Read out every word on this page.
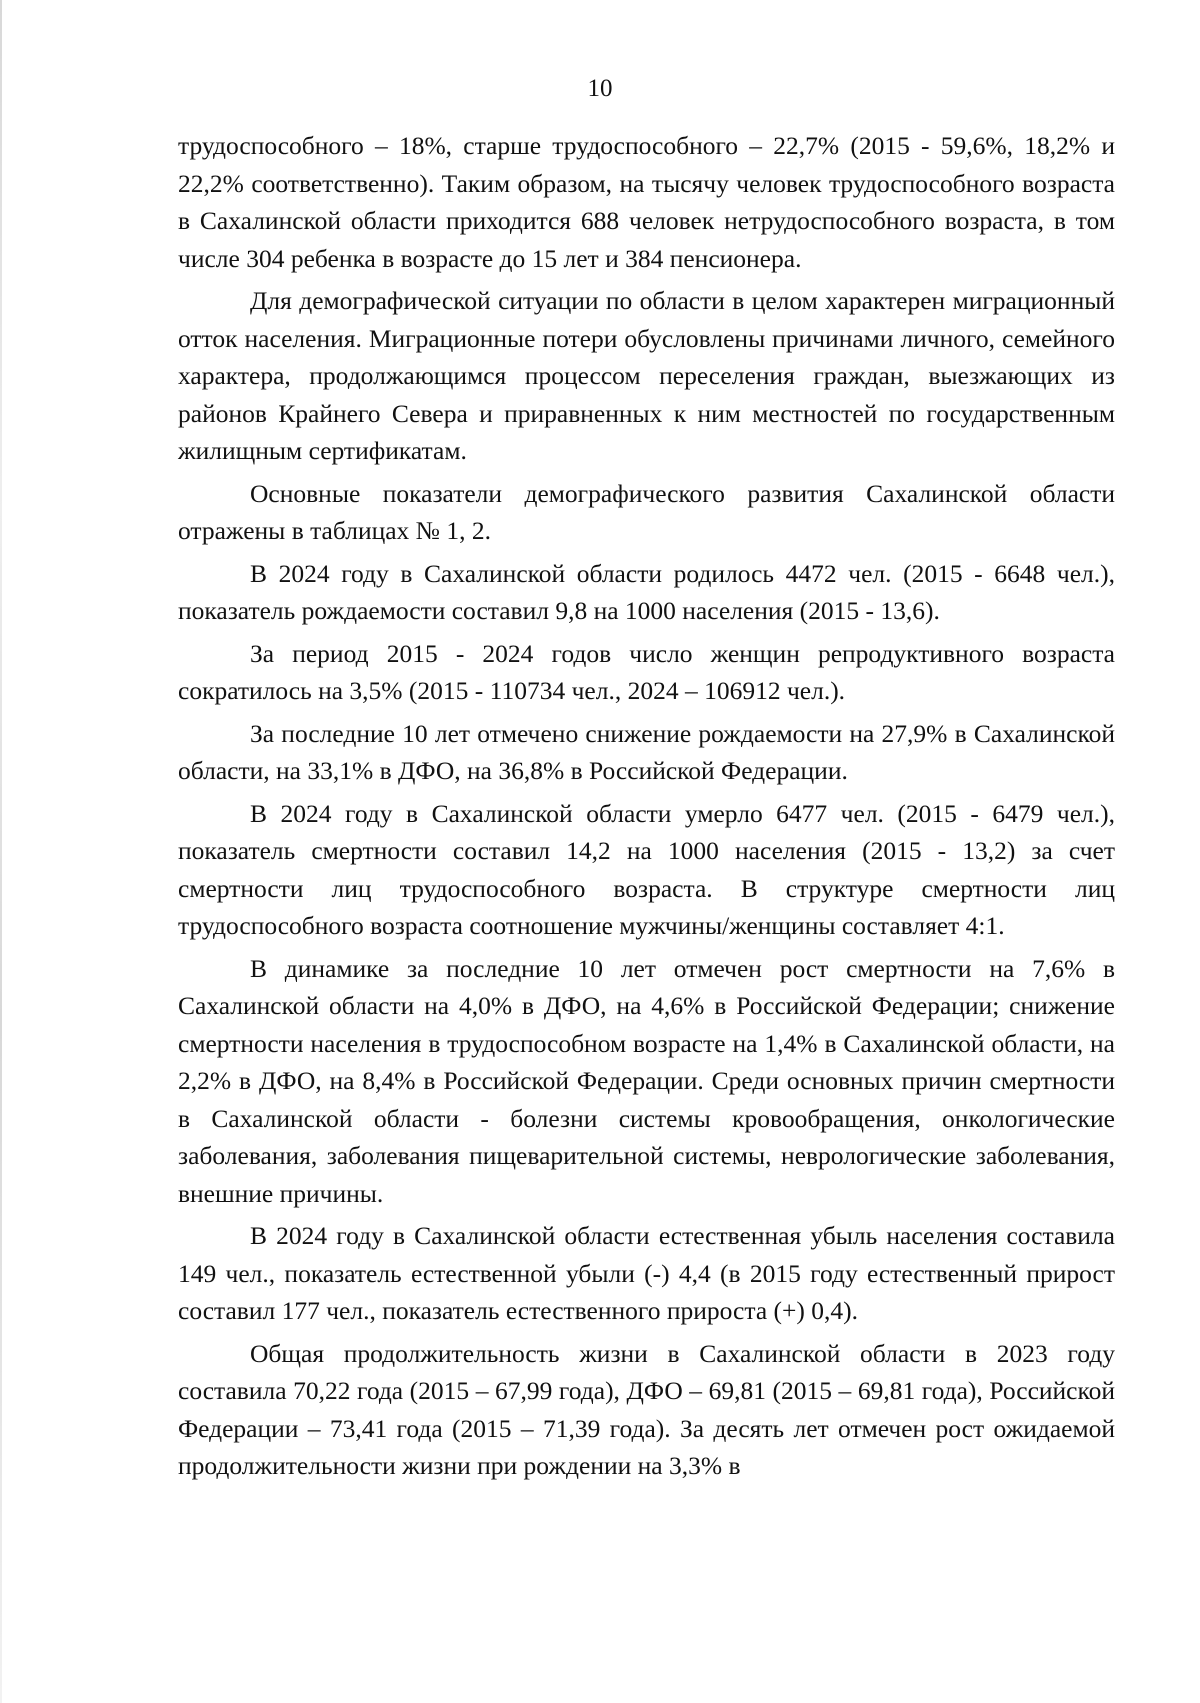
10

трудоспособного – 18%, старше трудоспособного – 22,7% (2015 - 59,6%, 18,2% и 22,2% соответственно). Таким образом, на тысячу человек трудоспособного возраста в Сахалинской области приходится 688 человек нетрудоспособного возраста, в том числе 304 ребенка в возрасте до 15 лет и 384 пенсионера.

Для демографической ситуации по области в целом характерен миграционный отток населения. Миграционные потери обусловлены причинами личного, семейного характера, продолжающимся процессом переселения граждан, выезжающих из районов Крайнего Севера и приравненных к ним местностей по государственным жилищным сертификатам.

Основные показатели демографического развития Сахалинской области отражены в таблицах № 1, 2.

В 2024 году в Сахалинской области родилось 4472 чел. (2015 - 6648 чел.), показатель рождаемости составил 9,8 на 1000 населения (2015 - 13,6).

За период 2015 - 2024 годов число женщин репродуктивного возраста сократилось на 3,5% (2015 - 110734 чел., 2024 – 106912 чел.).

За последние 10 лет отмечено снижение рождаемости на 27,9% в Сахалинской области, на 33,1% в ДФО, на 36,8% в Российской Федерации.

В 2024 году в Сахалинской области умерло 6477 чел. (2015 - 6479 чел.), показатель смертности составил 14,2 на 1000 населения (2015 - 13,2) за счет смертности лиц трудоспособного возраста. В структуре смертности лиц трудоспособного возраста соотношение мужчины/женщины составляет 4:1.

В динамике за последние 10 лет отмечен рост смертности на 7,6% в Сахалинской области на 4,0% в ДФО, на 4,6% в Российской Федерации; снижение смертности населения в трудоспособном возрасте на 1,4% в Сахалинской области, на 2,2% в ДФО, на 8,4% в Российской Федерации. Среди основных причин смертности в Сахалинской области - болезни системы кровообращения, онкологические заболевания, заболевания пищеварительной системы, неврологические заболевания, внешние причины.

В 2024 году в Сахалинской области естественная убыль населения составила 149 чел., показатель естественной убыли (-) 4,4 (в 2015 году естественный прирост составил 177 чел., показатель естественного прироста (+) 0,4).

Общая продолжительность жизни в Сахалинской области в 2023 году составила 70,22 года (2015 – 67,99 года), ДФО – 69,81 (2015 – 69,81 года), Российской Федерации – 73,41 года (2015 – 71,39 года). За десять лет отмечен рост ожидаемой продолжительности жизни при рождении на 3,3% в
